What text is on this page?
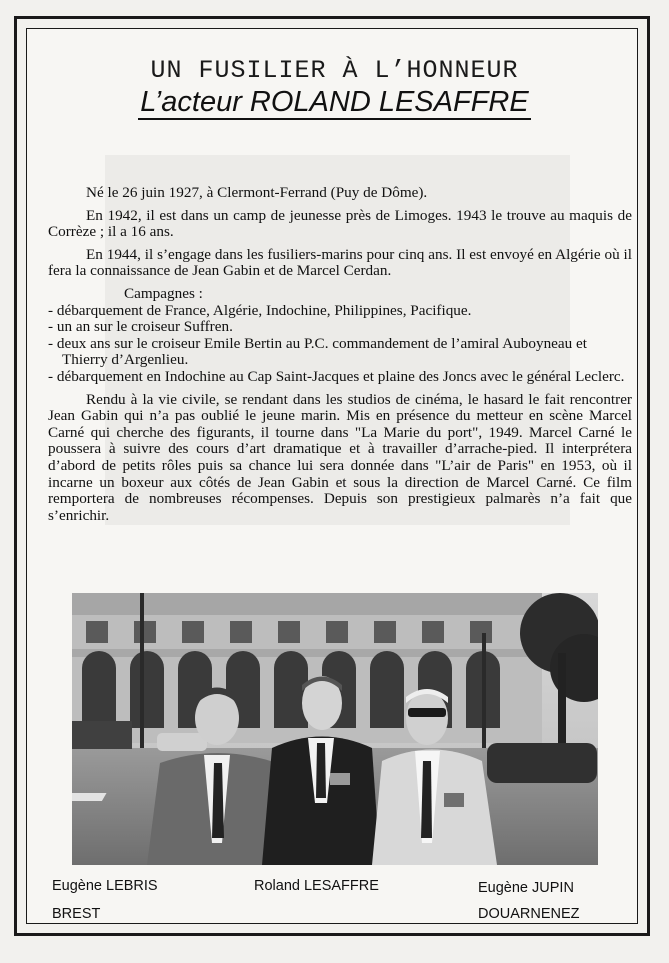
UN FUSILIER À L’HONNEUR
L’acteur ROLAND LESAFFRE

Né le 26 juin 1927, à Clermont-Ferrand (Puy de Dôme).

En 1942, il est dans un camp de jeunesse près de Limoges. 1943 le trouve au maquis de Corrèze ; il a 16 ans.

En 1944, il s’engage dans les fusiliers-marins pour cinq ans. Il est envoyé en Algérie où il fera la connaissance de Jean Gabin et de Marcel Cerdan.

Campagnes :

- débarquement de France, Algérie, Indochine, Philippines, Pacifique.

- un an sur le croiseur Suffren.

- deux ans sur le croiseur Emile Bertin au P.C. commandement de l’amiral Auboyneau et Thierry d’Argenlieu.

- débarquement en Indochine au Cap Saint-Jacques et plaine des Joncs avec le général Leclerc.

Rendu à la vie civile, se rendant dans les studios de cinéma, le hasard le fait rencontrer Jean Gabin qui n’a pas oublié le jeune marin. Mis en présence du metteur en scène Marcel Carné qui cherche des figurants, il tourne dans "La Marie du port", 1949. Marcel Carné le poussera à suivre des cours d’art dramatique et à travailler d’arrache-pied. Il interprétera d’abord de petits rôles puis sa chance lui sera donnée dans "L’air de Paris" en 1953, où il incarne un boxeur aux côtés de Jean Gabin et sous la direction de Marcel Carné. Ce film remportera de nombreuses récompenses. Depuis son prestigieux palmarès n’a fait que s’enrichir.

Eugène LEBRIS
BREST
Roland LESAFFRE	Eugène JUPIN
DOUARNENEZ
